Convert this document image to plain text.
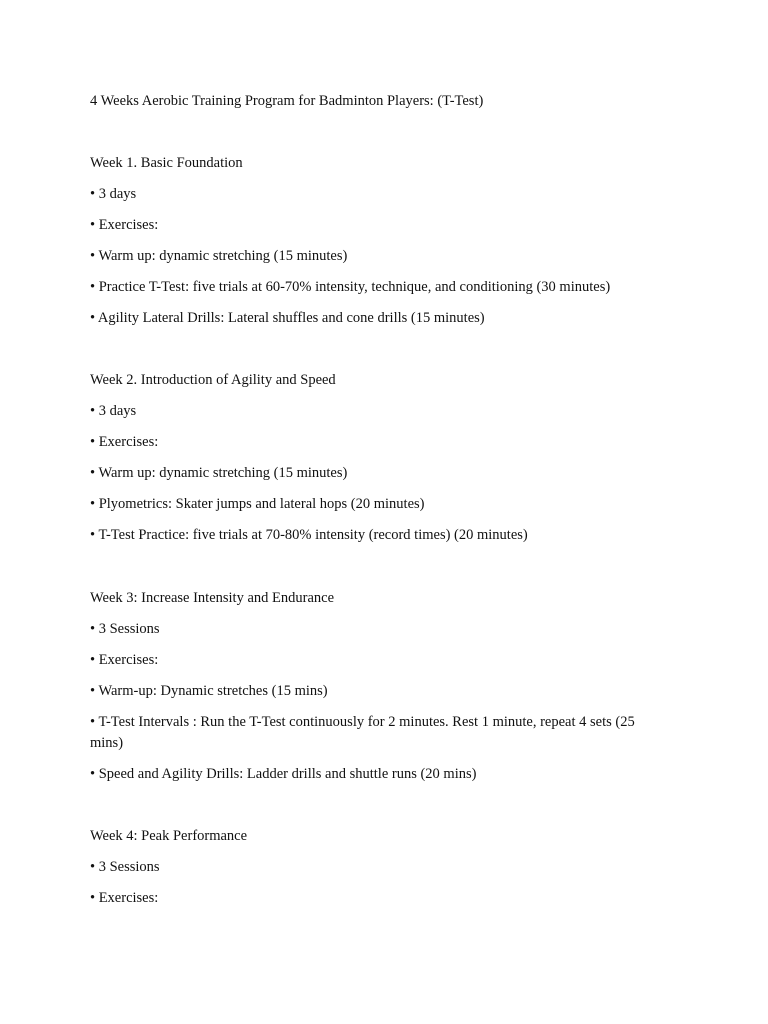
4 Weeks Aerobic Training Program for Badminton Players: (T-Test)
Week 1. Basic Foundation
• 3 days
• Exercises:
• Warm up: dynamic stretching (15 minutes)
• Practice T-Test: five trials at 60-70% intensity, technique, and conditioning (30 minutes)
• Agility Lateral Drills: Lateral shuffles and cone drills (15 minutes)
Week 2. Introduction of Agility and Speed
• 3 days
• Exercises:
• Warm up: dynamic stretching (15 minutes)
• Plyometrics: Skater jumps and lateral hops (20 minutes)
• T-Test Practice: five trials at 70-80% intensity (record times) (20 minutes)
Week 3: Increase Intensity and Endurance
• 3 Sessions
• Exercises:
• Warm-up: Dynamic stretches (15 mins)
• T-Test Intervals : Run the T-Test continuously for 2 minutes. Rest 1 minute, repeat 4 sets (25 mins)
• Speed and Agility Drills: Ladder drills and shuttle runs (20 mins)
Week 4: Peak Performance
• 3 Sessions
• Exercises:
